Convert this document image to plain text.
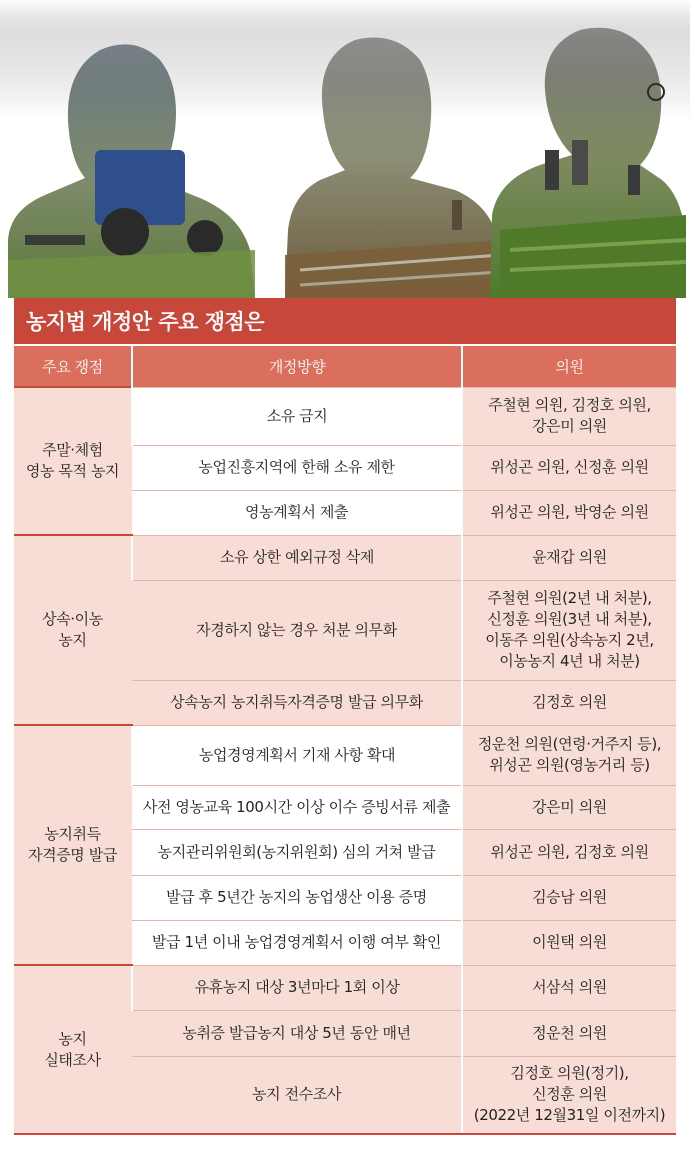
농지법 개정안 주요 쟁점은
주요 쟁점	개정방향	의원
주말·체험
영농 목적 농지	소유 금지	주철현 의원, 김정호 의원,
강은미 의원
	농업진흥지역에 한해 소유 제한	위성곤 의원, 신정훈 의원
	영농계획서 제출	위성곤 의원, 박영순 의원
상속·이농
농지	소유 상한 예외규정 삭제	윤재갑 의원
	자경하지 않는 경우 처분 의무화	주철현 의원(2년 내 처분),
신정훈 의원(3년 내 처분),
이동주 의원(상속농지 2년,
이농농지 4년 내 처분)
	상속농지 농지취득자격증명 발급 의무화	김정호 의원
농지취득
자격증명 발급	농업경영계획서 기재 사항 확대	정운천 의원(연령·거주지 등),
위성곤 의원(영농거리 등)
	사전 영농교육 100시간 이상 이수 증빙서류 제출	강은미 의원
	농지관리위원회(농지위원회) 심의 거쳐 발급	위성곤 의원, 김정호 의원
	발급 후 5년간 농지의 농업생산 이용 증명	김승남 의원
	발급 1년 이내 농업경영계획서 이행 여부 확인	이원택 의원
농지
실태조사	유휴농지 대상 3년마다 1회 이상	서삼석 의원
	농취증 발급농지 대상 5년 동안 매년	정운천 의원
	농지 전수조사	김정호 의원(정기),
신정훈 의원
(2022년 12월31일 이전까지)
